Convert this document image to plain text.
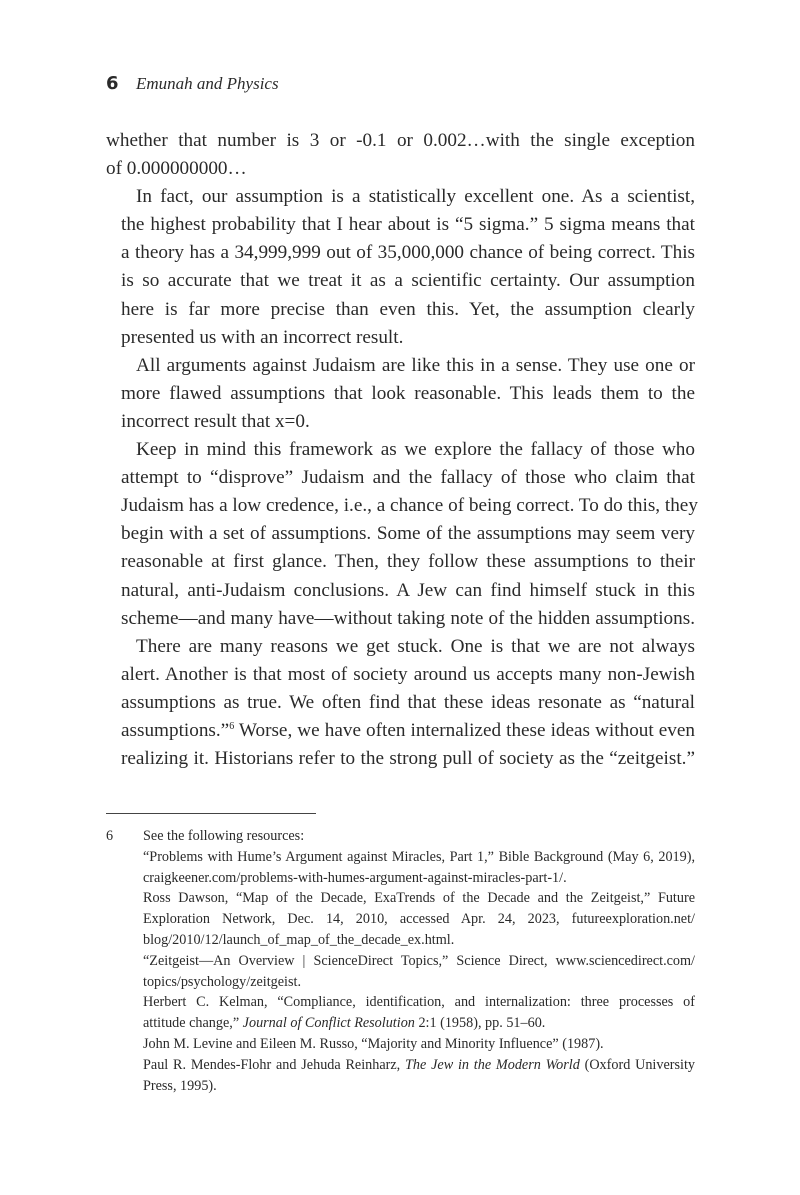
6 Emunah and Physics

whether that number is 3 or -0.1 or 0.002…with the single exception
of 0.000000000…

In fact, our assumption is a statistically excellent one. As a scientist,
the highest probability that I hear about is “5 sigma.” 5 sigma means that
a theory has a 34,999,999 out of 35,000,000 chance of being correct. This
is so accurate that we treat it as a scientific certainty. Our assumption
here is far more precise than even this. Yet, the assumption clearly
presented us with an incorrect result.

All arguments against Judaism are like this in a sense. They use one or
more flawed assumptions that look reasonable. This leads them to the
incorrect result that x=0.

Keep in mind this framework as we explore the fallacy of those who
attempt to “disprove” Judaism and the fallacy of those who claim that
Judaism has a low credence, i.e., a chance of being correct. To do this, they
begin with a set of assumptions. Some of the assumptions may seem very
reasonable at first glance. Then, they follow these assumptions to their
natural, anti-Judaism conclusions. A Jew can find himself stuck in this
scheme—and many have—without taking note of the hidden assumptions.

There are many reasons we get stuck. One is that we are not always
alert. Another is that most of society around us accepts many non-Jewish
assumptions as true. We often find that these ideas resonate as “natural
assumptions.”$^6$ Worse, we have often internalized these ideas without even
realizing it. Historians refer to the strong pull of society as the “zeitgeist.”

6 See the following resources:
“Problems with Hume’s Argument against Miracles, Part 1,” Bible Background (May 6, 2019),
craigkeener.com/problems-with-humes-argument-against-miracles-part-1/.
Ross Dawson, “Map of the Decade, ExaTrends of the Decade and the Zeitgeist,” Future
Exploration Network, Dec. 14, 2010, accessed Apr. 24, 2023, futureexploration.net/
blog/2010/12/launch_of_map_of_the_decade_ex.html.
“Zeitgeist—An Overview | ScienceDirect Topics,” Science Direct, www.sciencedirect.com/
topics/psychology/zeitgeist.
Herbert C. Kelman, “Compliance, identification, and internalization: three processes of
attitude change,” Journal of Conflict Resolution 2:1 (1958), pp. 51–60.
John M. Levine and Eileen M. Russo, “Majority and Minority Influence” (1987).
Paul R. Mendes-Flohr and Jehuda Reinharz, The Jew in the Modern World (Oxford University
Press, 1995).
